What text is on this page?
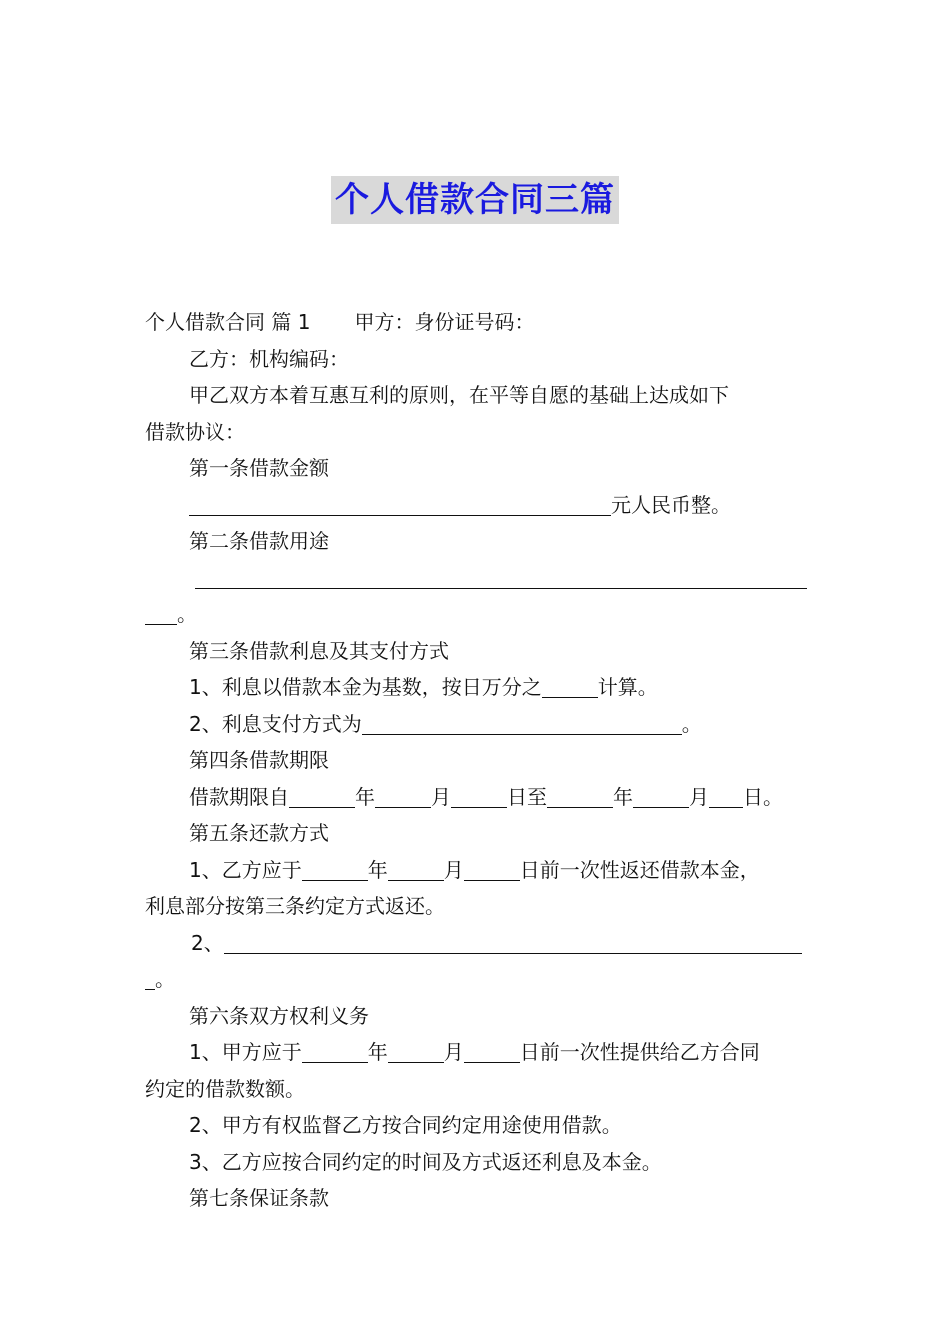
个人借款合同三篇

个人借款合同 篇 1 甲方：身份证号码：

乙方：机构编码：

甲乙双方本着互惠互利的原则，在平等自愿的基础上达成如下

借款协议：

第一条借款金额

元人民币整。

第二条借款用途

。

第三条借款利息及其支付方式

1、利息以借款本金为基数，按日万分之	计算。

2、利息支付方式为	。

第四条借款期限

借款期限自	年	月	日至	年	月 日。

第五条还款方式

1、乙方应于	年	月	日前一次性返还借款本金，

利息部分按第三条约定方式返还。

2、

。

第六条双方权利义务

1、甲方应于	年	月	日前一次性提供给乙方合同

约定的借款数额。

2、甲方有权监督乙方按合同约定用途使用借款。

3、乙方应按合同约定的时间及方式返还利息及本金。

第七条保证条款
